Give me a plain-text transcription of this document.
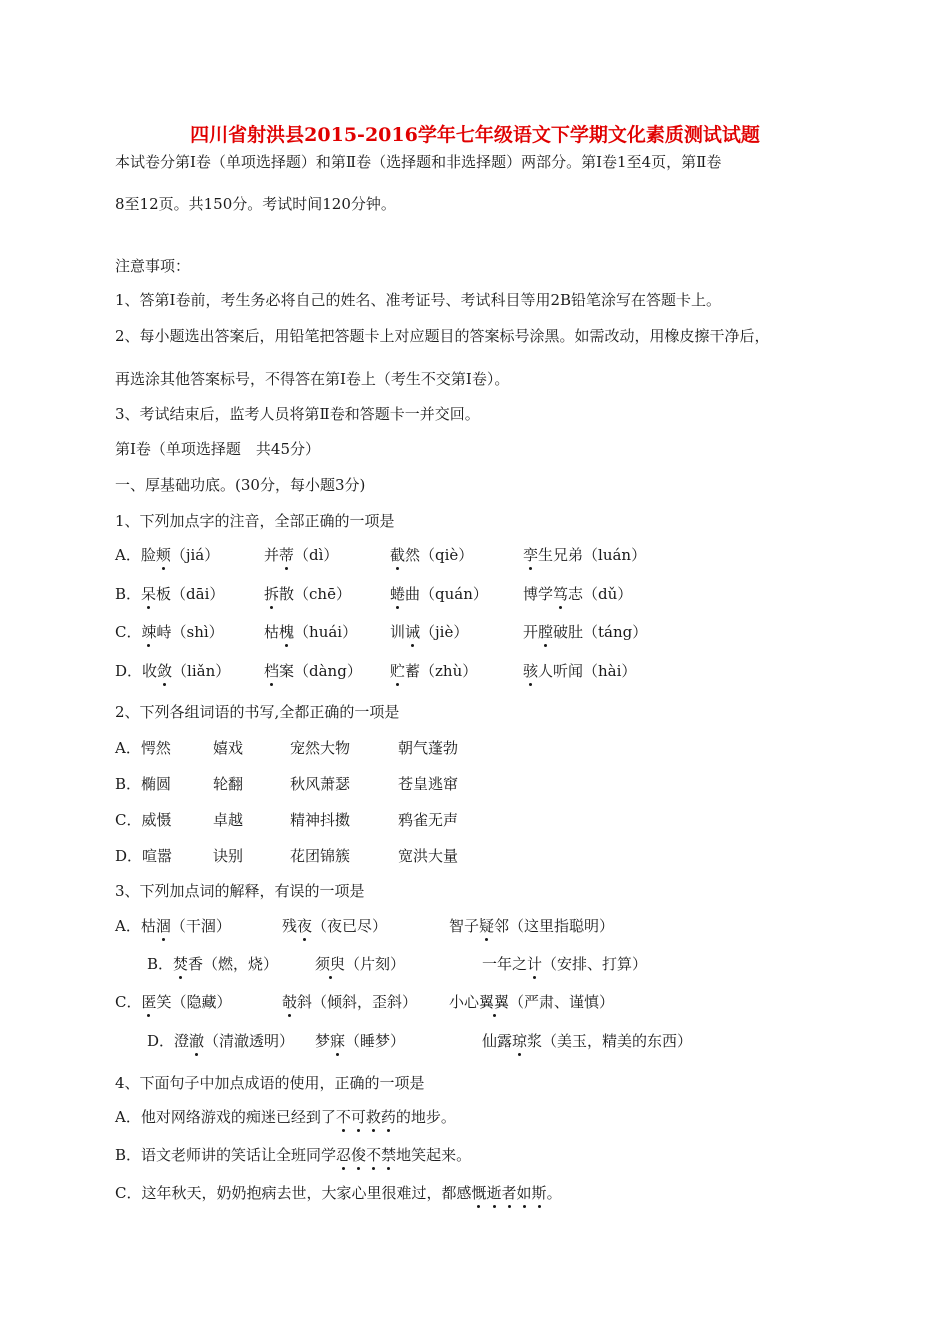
四川省射洪县2015-2016学年七年级语文下学期文化素质测试试题
本试卷分第Ⅰ卷（单项选择题）和第Ⅱ卷（选择题和非选择题）两部分。第Ⅰ卷1至4页，第Ⅱ卷
8至12页。共150分。考试时间120分钟。
注意事项：
1、答第Ⅰ卷前，考生务必将自己的姓名、准考证号、考试科目等用2B铅笔涂写在答题卡上。
2、每小题选出答案后，用铅笔把答题卡上对应题目的答案标号涂黑。如需改动，用橡皮擦干净后，
再选涂其他答案标号，不得答在第Ⅰ卷上（考生不交第Ⅰ卷）。
3、考试结束后，监考人员将第Ⅱ卷和答题卡一并交回。
第Ⅰ卷（单项选择题　共45分）
一、厚基础功底。(30分，每小题3分)
1、下列加点字的注音，全部正确的一项是
A．脸颊（jiá）	并蒂（dì）	截然（qiè）	孪生兄弟（luán）
B．呆板（dāi）	拆散（chē）	蜷曲（quán） 博学笃志（dǔ）
C．竦峙（shì）	枯槐（huái） 训诫（jiè）	开膛破肚（táng）
D．收敛（liǎn） 档案（dàng） 贮蓄（zhù）	骇人听闻（hài）
2、下列各组词语的书写,全都正确的一项是
A．愕然	嬉戏	宠然大物	朝气蓬勃
B．椭圆	轮翻	秋风萧瑟	苍皇逃窜
C．威慑	卓越	精神抖擞	鸦雀无声
D．喧嚣	诀别	花团锦簇	宽洪大量
3、下列加点词的解释，有误的一项是
A．枯涸（干涸）	残夜（夜已尽）	智子疑邻（这里指聪明）
B．焚香（燃，烧） 须臾（片刻）	一年之计（安排、打算）
C．匿笑（隐藏）	攲斜（倾斜，歪斜） 小心翼翼（严肃、谨慎）
D．澄澈（清澈透明） 梦寐（睡梦）	仙露琼浆（美玉，精美的东西）
4、下面句子中加点成语的使用，正确的一项是
A．他对网络游戏的痴迷已经到了不可救药的地步。
B．语文老师讲的笑话让全班同学忍俊不禁地笑起来。
C．这年秋天，奶奶抱病去世，大家心里很难过，都感慨逝者如斯。
